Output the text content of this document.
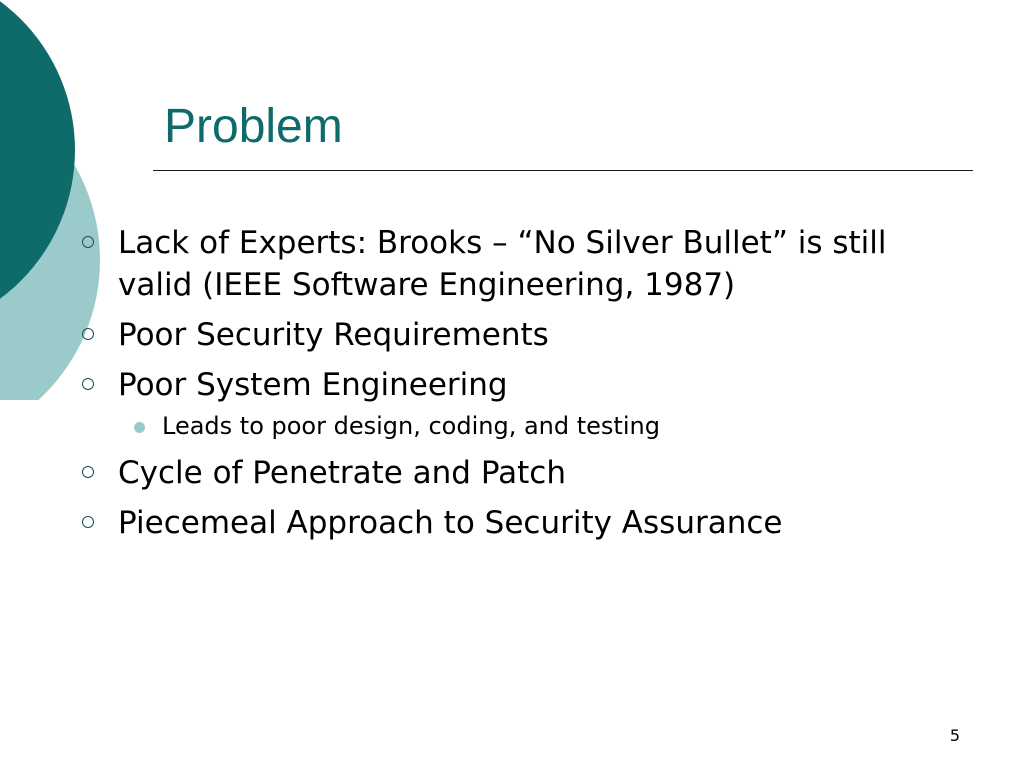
Problem
Lack of Experts: Brooks – “No Silver Bullet” is still valid (IEEE Software Engineering, 1987)
Poor Security Requirements
Poor System Engineering
Leads to poor design, coding, and testing
Cycle of Penetrate and Patch
Piecemeal Approach to Security Assurance
5
